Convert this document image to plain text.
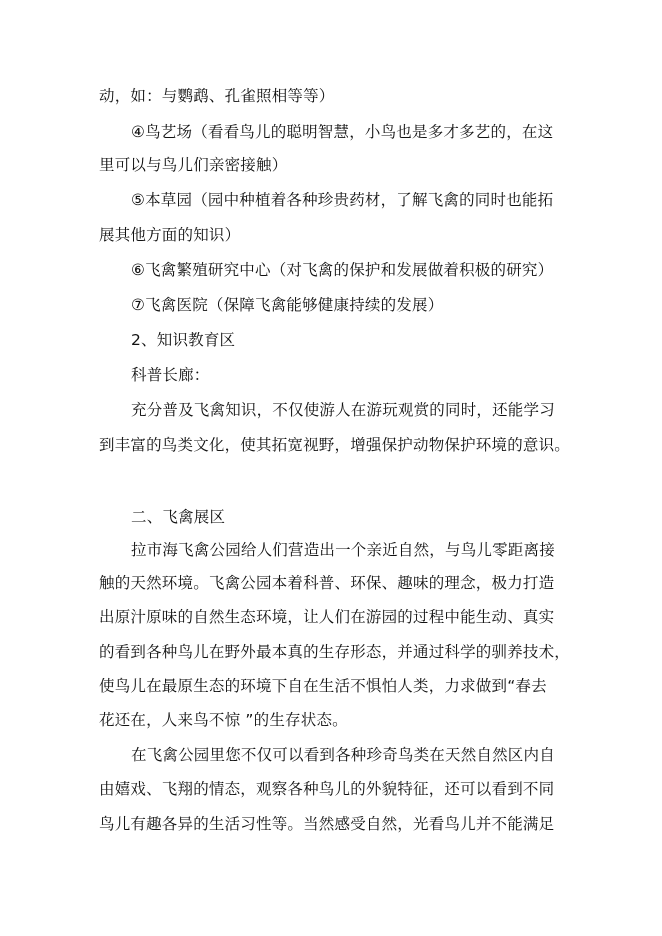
动，如：与鹦鹉、孔雀照相等等）
④鸟艺场（看看鸟儿的聪明智慧，小鸟也是多才多艺的，在这
里可以与鸟儿们亲密接触）
⑤本草园（园中种植着各种珍贵药材，了解飞禽的同时也能拓
展其他方面的知识）
⑥飞禽繁殖研究中心（对飞禽的保护和发展做着积极的研究）
⑦飞禽医院（保障飞禽能够健康持续的发展）
2、知识教育区
科普长廊：
充分普及飞禽知识，不仅使游人在游玩观赏的同时，还能学习
到丰富的鸟类文化，使其拓宽视野，增强保护动物保护环境的意识。
二、飞禽展区
拉市海飞禽公园给人们营造出一个亲近自然，与鸟儿零距离接
触的天然环境。飞禽公园本着科普、环保、趣味的理念，极力打造
出原汁原味的自然生态环境，让人们在游园的过程中能生动、真实
的看到各种鸟儿在野外最本真的生存形态，并通过科学的驯养技术，
使鸟儿在最原生态的环境下自在生活不惧怕人类，力求做到“春去
花还在，人来鸟不惊 ”的生存状态。
在飞禽公园里您不仅可以看到各种珍奇鸟类在天然自然区内自
由嬉戏、飞翔的情态，观察各种鸟儿的外貌特征，还可以看到不同
鸟儿有趣各异的生活习性等。当然感受自然，光看鸟儿并不能满足
